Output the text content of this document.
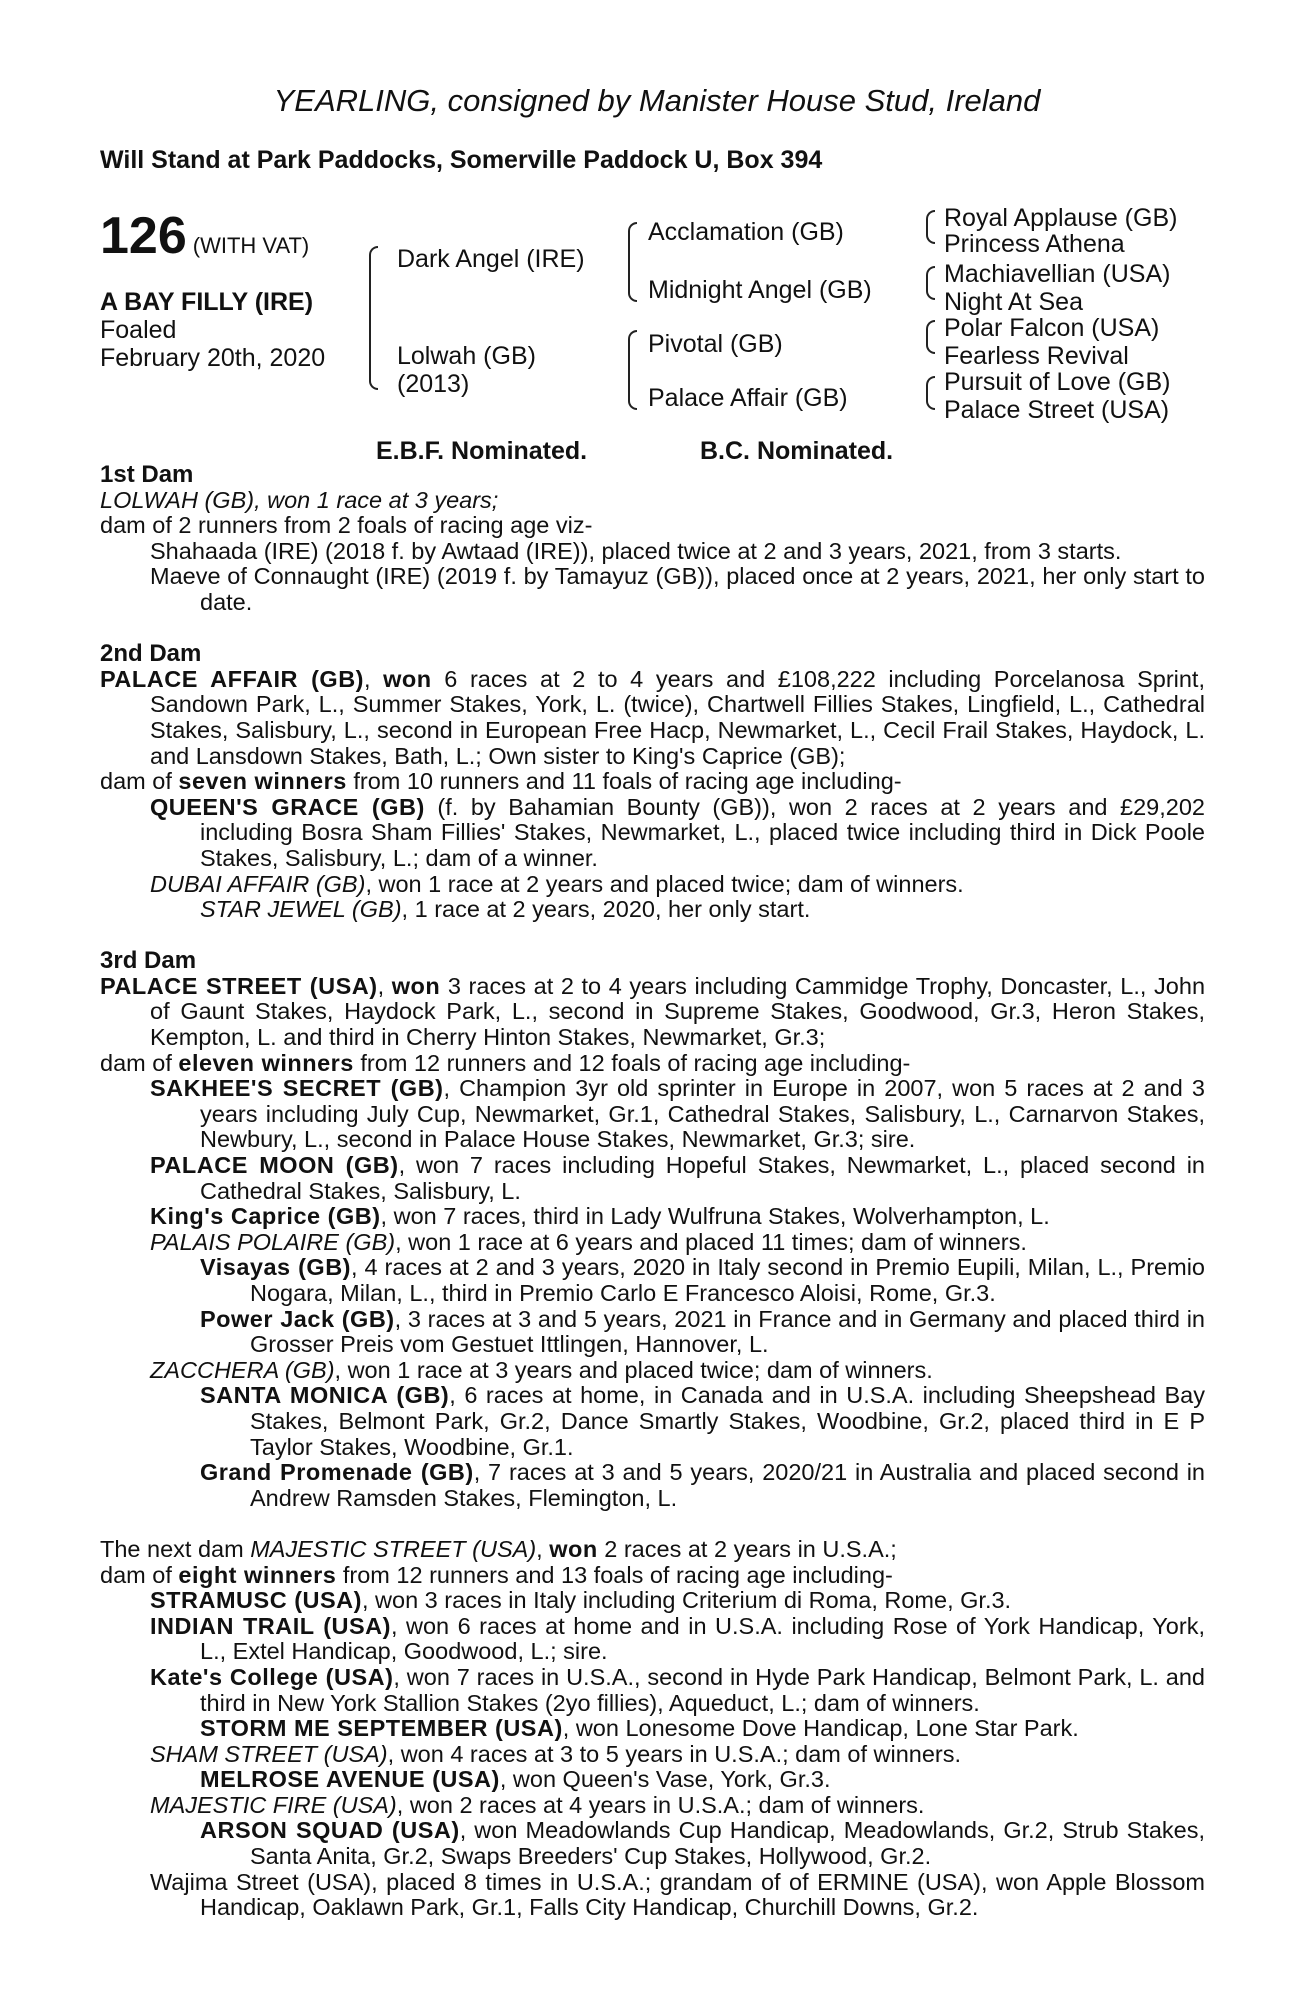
YEARLING, consigned by Manister House Stud, Ireland
Will Stand at Park Paddocks, Somerville Paddock U, Box 394
126 (WITH VAT)
A BAY FILLY (IRE)
Foaled
February 20th, 2020
Dark Angel (IRE)
Lolwah (GB)
(2013)
Acclamation (GB)
Midnight Angel (GB)
Pivotal (GB)
Palace Affair (GB)
Royal Applause (GB)
Princess Athena
Machiavellian (USA)
Night At Sea
Polar Falcon (USA)
Fearless Revival
Pursuit of Love (GB)
Palace Street (USA)
E.B.F. Nominated.	B.C. Nominated.

1st Dam

LOLWAH (GB), won 1 race at 3 years;

dam of 2 runners from 2 foals of racing age viz-

Shahaada (IRE) (2018 f. by Awtaad (IRE)), placed twice at 2 and 3 years, 2021, from 3 starts.

Maeve of Connaught (IRE) (2019 f. by Tamayuz (GB)), placed once at 2 years, 2021, her only start to date.

2nd Dam

PALACE AFFAIR (GB), won 6 races at 2 to 4 years and £108,222 including Porcelanosa Sprint, Sandown Park, L., Summer Stakes, York, L. (twice), Chartwell Fillies Stakes, Lingfield, L., Cathedral Stakes, Salisbury, L., second in European Free Hacp, Newmarket, L., Cecil Frail Stakes, Haydock, L. and Lansdown Stakes, Bath, L.; Own sister to King's Caprice (GB);

dam of seven winners from 10 runners and 11 foals of racing age including-

QUEEN'S GRACE (GB) (f. by Bahamian Bounty (GB)), won 2 races at 2 years and £29,202 including Bosra Sham Fillies' Stakes, Newmarket, L., placed twice including third in Dick Poole Stakes, Salisbury, L.; dam of a winner.

DUBAI AFFAIR (GB), won 1 race at 2 years and placed twice; dam of winners.

STAR JEWEL (GB), 1 race at 2 years, 2020, her only start.

3rd Dam

PALACE STREET (USA), won 3 races at 2 to 4 years including Cammidge Trophy, Doncaster, L., John of Gaunt Stakes, Haydock Park, L., second in Supreme Stakes, Goodwood, Gr.3, Heron Stakes, Kempton, L. and third in Cherry Hinton Stakes, Newmarket, Gr.3;

dam of eleven winners from 12 runners and 12 foals of racing age including-

SAKHEE'S SECRET (GB), Champion 3yr old sprinter in Europe in 2007, won 5 races at 2 and 3 years including July Cup, Newmarket, Gr.1, Cathedral Stakes, Salisbury, L., Carnarvon Stakes, Newbury, L., second in Palace House Stakes, Newmarket, Gr.3; sire.

PALACE MOON (GB), won 7 races including Hopeful Stakes, Newmarket, L., placed second in Cathedral Stakes, Salisbury, L.

King's Caprice (GB), won 7 races, third in Lady Wulfruna Stakes, Wolverhampton, L.

PALAIS POLAIRE (GB), won 1 race at 6 years and placed 11 times; dam of winners.

Visayas (GB), 4 races at 2 and 3 years, 2020 in Italy second in Premio Eupili, Milan, L., Premio Nogara, Milan, L., third in Premio Carlo E Francesco Aloisi, Rome, Gr.3.

Power Jack (GB), 3 races at 3 and 5 years, 2021 in France and in Germany and placed third in Grosser Preis vom Gestuet Ittlingen, Hannover, L.

ZACCHERA (GB), won 1 race at 3 years and placed twice; dam of winners.

SANTA MONICA (GB), 6 races at home, in Canada and in U.S.A. including Sheepshead Bay Stakes, Belmont Park, Gr.2, Dance Smartly Stakes, Woodbine, Gr.2, placed third in E P Taylor Stakes, Woodbine, Gr.1.

Grand Promenade (GB), 7 races at 3 and 5 years, 2020/21 in Australia and placed second in Andrew Ramsden Stakes, Flemington, L.

The next dam MAJESTIC STREET (USA), won 2 races at 2 years in U.S.A.;

dam of eight winners from 12 runners and 13 foals of racing age including-

STRAMUSC (USA), won 3 races in Italy including Criterium di Roma, Rome, Gr.3.

INDIAN TRAIL (USA), won 6 races at home and in U.S.A. including Rose of York Handicap, York, L., Extel Handicap, Goodwood, L.; sire.

Kate's College (USA), won 7 races in U.S.A., second in Hyde Park Handicap, Belmont Park, L. and third in New York Stallion Stakes (2yo fillies), Aqueduct, L.; dam of winners.

STORM ME SEPTEMBER (USA), won Lonesome Dove Handicap, Lone Star Park.

SHAM STREET (USA), won 4 races at 3 to 5 years in U.S.A.; dam of winners.

MELROSE AVENUE (USA), won Queen's Vase, York, Gr.3.

MAJESTIC FIRE (USA), won 2 races at 4 years in U.S.A.; dam of winners.

ARSON SQUAD (USA), won Meadowlands Cup Handicap, Meadowlands, Gr.2, Strub Stakes, Santa Anita, Gr.2, Swaps Breeders' Cup Stakes, Hollywood, Gr.2.

Wajima Street (USA), placed 8 times in U.S.A.; grandam of of ERMINE (USA), won Apple Blossom Handicap, Oaklawn Park, Gr.1, Falls City Handicap, Churchill Downs, Gr.2.
